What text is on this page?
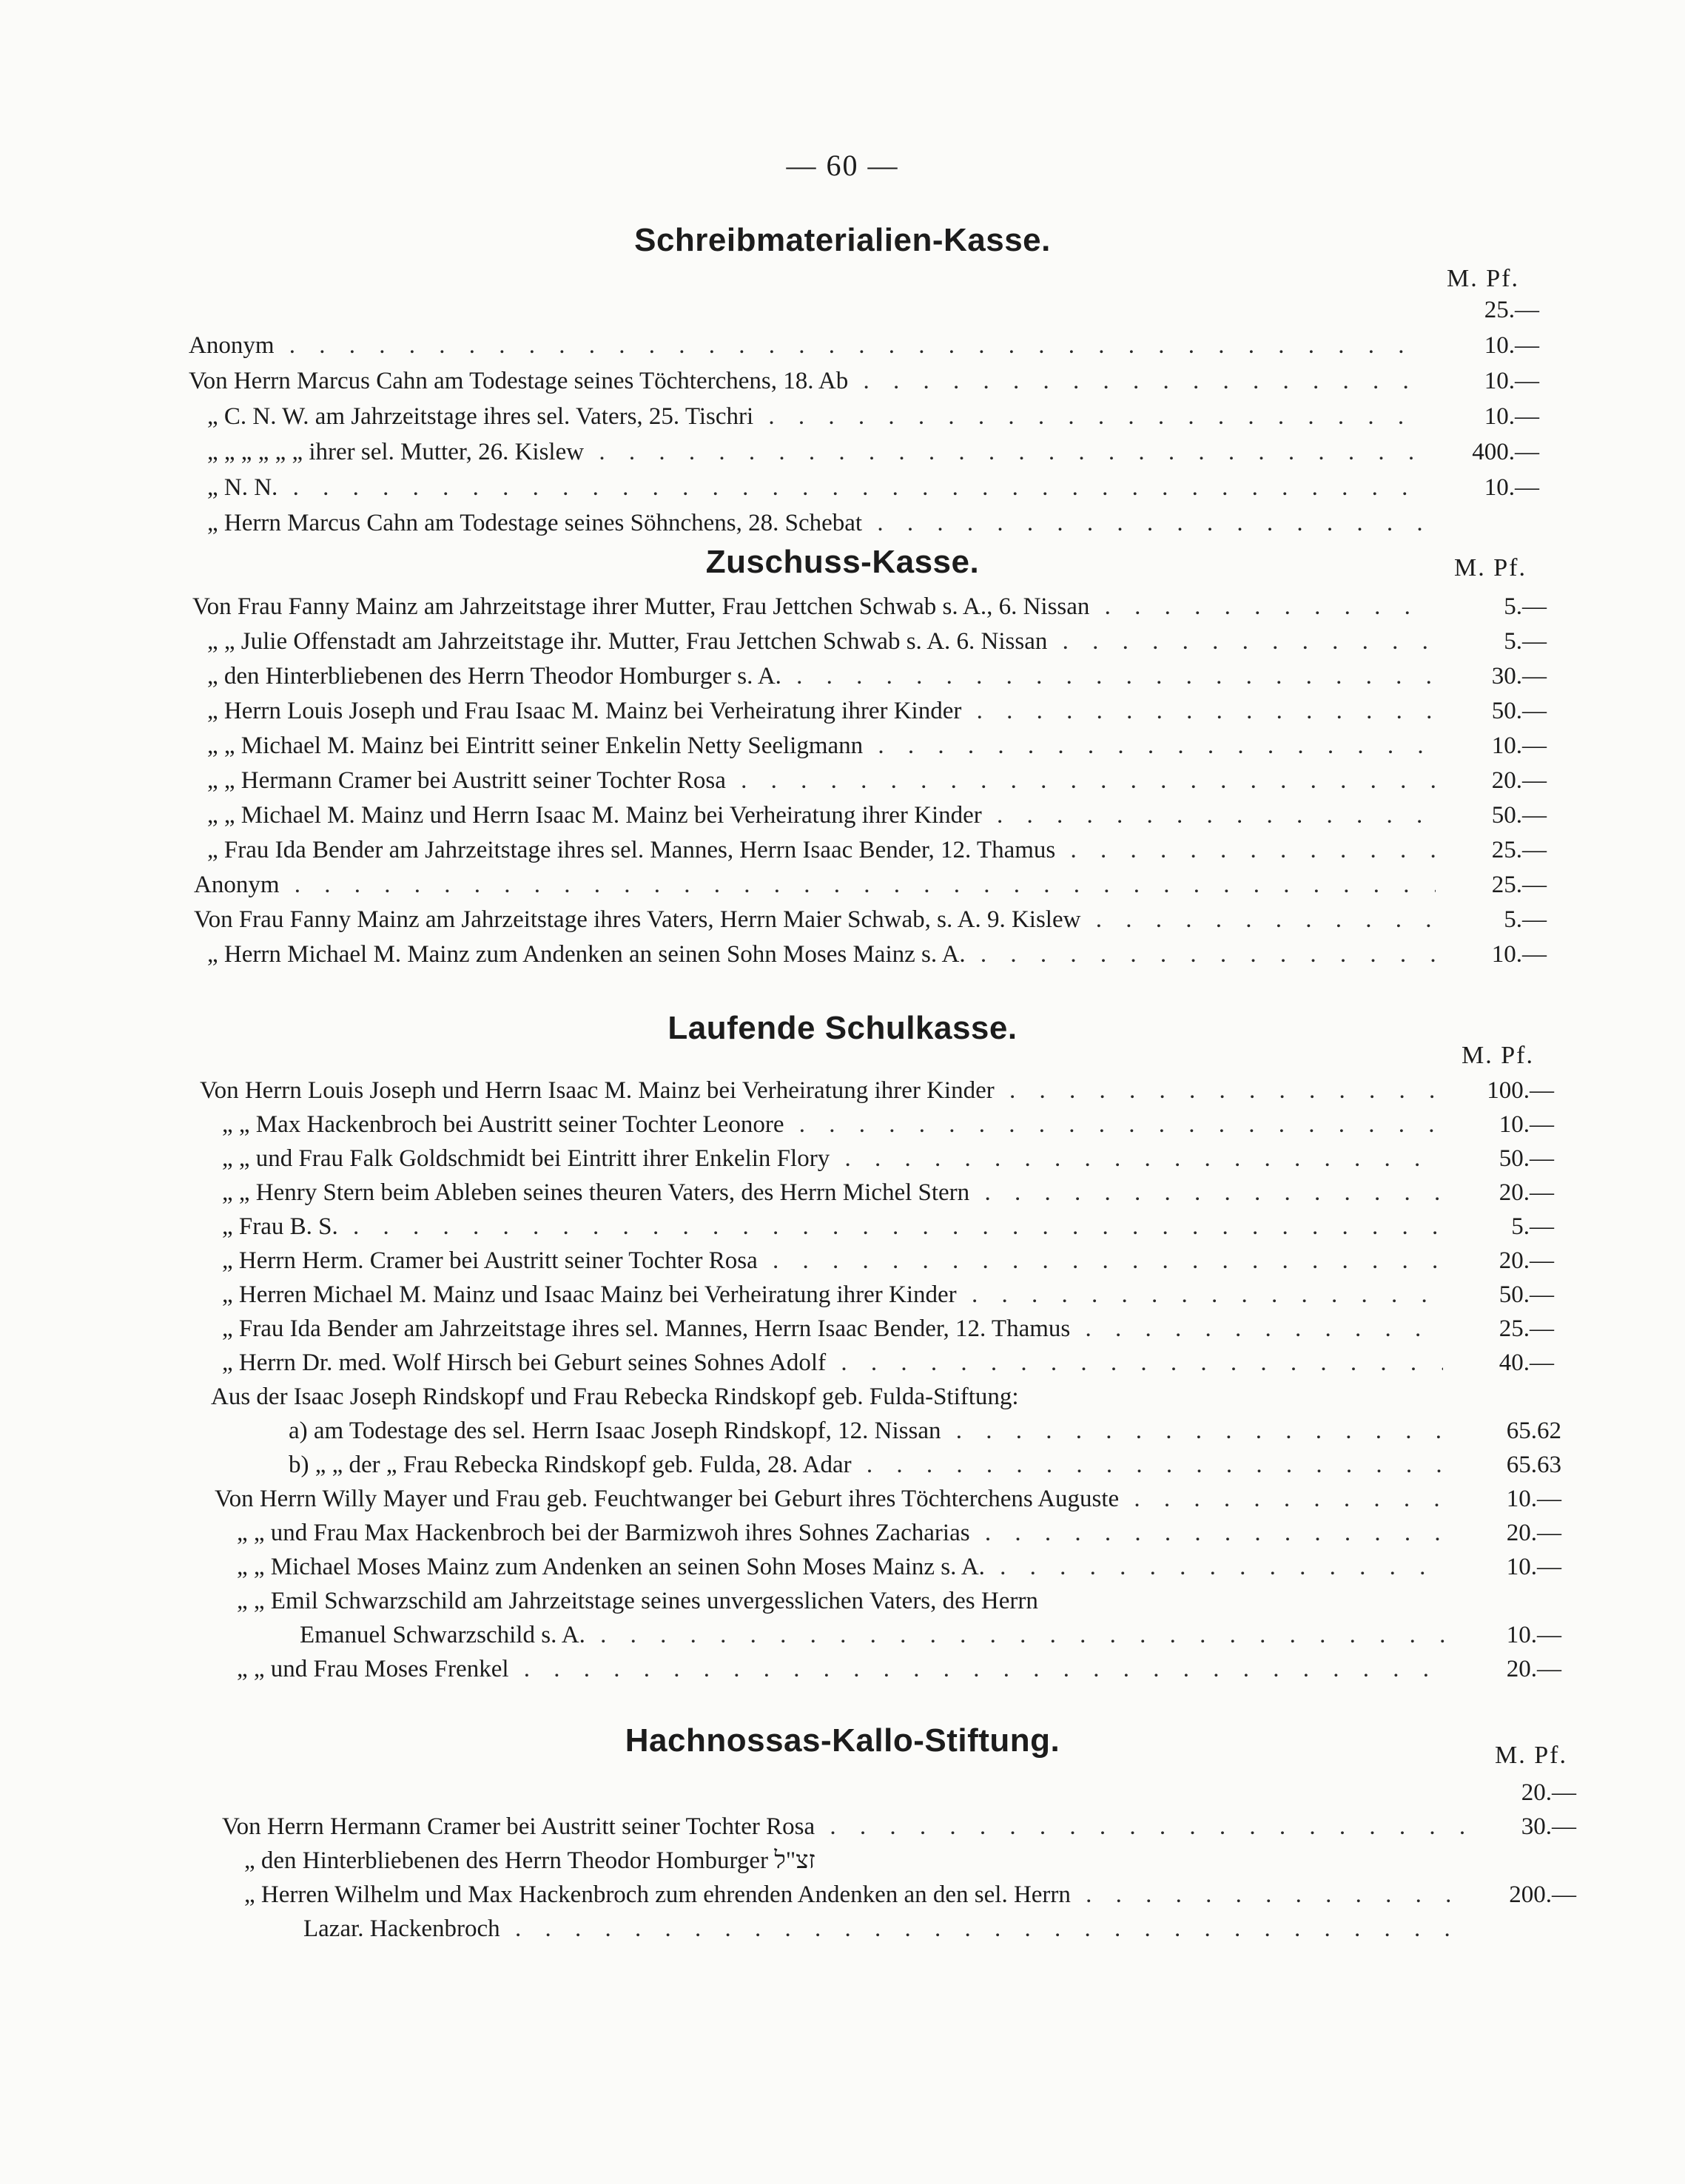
— 60 —
Schreibmaterialien-Kasse.
M. Pf.
25.—
Anonym . . .	10.—
Von Herrn Marcus Cahn am Todestage seines Töchterchens, 18. Ab . . .	10.—
„ C. N. W. am Jahrzeitstage ihres sel. Vaters, 25. Tischri . . .	10.—
„ „ „ „ „ „ ihrer sel. Mutter, 26. Kislew . . .	400.—
„ N. N. . . .	10.—
„ Herrn Marcus Cahn am Todestage seines Söhnchens, 28. Schebat . . .
Zuschuss-Kasse.	M. Pf.
Von Frau Fanny Mainz am Jahrzeitstage ihrer Mutter, Frau Jettchen Schwab s. A., 6. Nissan . . .	5.—
„ „ Julie Offenstadt am Jahrzeitstage ihr. Mutter, Frau Jettchen Schwab s. A. 6. Nissan . . .	5.—
„ den Hinterbliebenen des Herrn Theodor Homburger s. A. . . .	30.—
„ Herrn Louis Joseph und Frau Isaac M. Mainz bei Verheiratung ihrer Kinder . . .	50.—
„ „ Michael M. Mainz bei Eintritt seiner Enkelin Netty Seeligmann . . .	10.—
„ „ Hermann Cramer bei Austritt seiner Tochter Rosa . . .	20.—
„ „ Michael M. Mainz und Herrn Isaac M. Mainz bei Verheiratung ihrer Kinder . . .	50.—
„ Frau Ida Bender am Jahrzeitstage ihres sel. Mannes, Herrn Isaac Bender, 12. Thamus . . .	25.—
Anonym . . .	25.—
Von Frau Fanny Mainz am Jahrzeitstage ihres Vaters, Herrn Maier Schwab, s. A. 9. Kislew . . .	5.—
„ Herrn Michael M. Mainz zum Andenken an seinen Sohn Moses Mainz s. A. . . .	10.—
Laufende Schulkasse.
M. Pf.
Von Herrn Louis Joseph und Herrn Isaac M. Mainz bei Verheiratung ihrer Kinder . . .	100.—
„ „ Max Hackenbroch bei Austritt seiner Tochter Leonore . . .	10.—
„ „ und Frau Falk Goldschmidt bei Eintritt ihrer Enkelin Flory . . .	50.—
„ „ Henry Stern beim Ableben seines theuren Vaters, des Herrn Michel Stern . . .	20.—
„ Frau B. S. . . .	5.—
„ Herrn Herm. Cramer bei Austritt seiner Tochter Rosa . . .	20.—
„ Herren Michael M. Mainz und Isaac Mainz bei Verheiratung ihrer Kinder . . .	50.—
„ Frau Ida Bender am Jahrzeitstage ihres sel. Mannes, Herrn Isaac Bender, 12. Thamus . . .	25.—
„ Herrn Dr. med. Wolf Hirsch bei Geburt seines Sohnes Adolf . . .	40.—
Aus der Isaac Joseph Rindskopf und Frau Rebecka Rindskopf geb. Fulda-Stiftung:
a) am Todestage des sel. Herrn Isaac Joseph Rindskopf, 12. Nissan . . .	65.62
b) „ „ der „ Frau Rebecka Rindskopf geb. Fulda, 28. Adar . . .	65.63
Von Herrn Willy Mayer und Frau geb. Feuchtwanger bei Geburt ihres Töchterchens Auguste . . .	10.—
„ „ und Frau Max Hackenbroch bei der Barmizwoh ihres Sohnes Zacharias . . .	20.—
„ „ Michael Moses Mainz zum Andenken an seinen Sohn Moses Mainz s. A. . . .	10.—
„ „ Emil Schwarzschild am Jahrzeitstage seines unvergesslichen Vaters, des Herrn
Emanuel Schwarzschild s. A. . . .	10.—
„ „ und Frau Moses Frenkel . . .	20.—
Hachnossas-Kallo-Stiftung.	M. Pf.
20.—
Von Herrn Hermann Cramer bei Austritt seiner Tochter Rosa . . .	30.—
„ den Hinterbliebenen des Herrn Theodor Homburger זצ"ל
„ Herren Wilhelm und Max Hackenbroch zum ehrenden Andenken an den sel. Herrn . . .	200.—
Lazar. Hackenbroch . . .
